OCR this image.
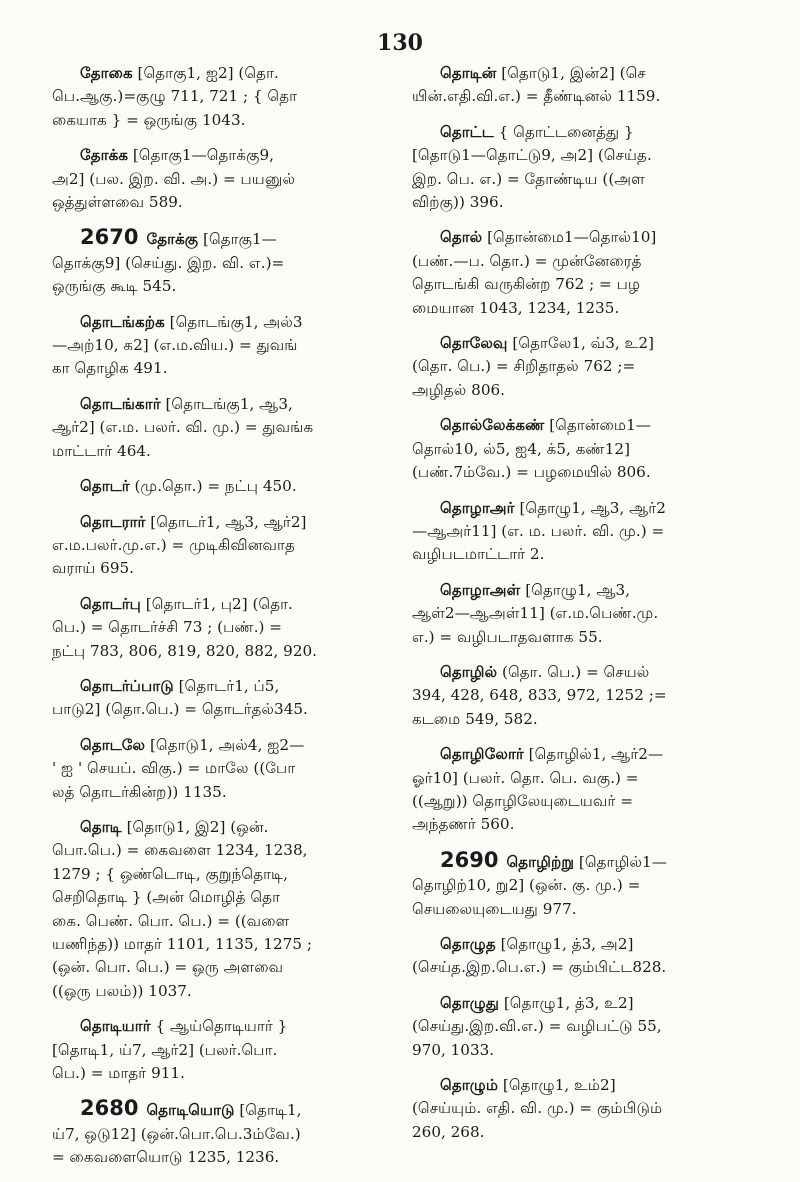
130
தோகை [தொகு1, ஐ2] (தொ.
பெ.ஆகு.)=குழு 711, 721 ; { தொ
கையாக } = ஒருங்கு 1043.
தோக்க [தொகு1—தொக்கு9,
அ2] (பல. இற. வி. அ.) = பயனுல்
ஒத்துள்ளவை 589.
2670 தோக்கு [தொகு1—
தொக்கு9] (செய்து. இற. வி. எ.)=
ஒருங்கு கூடி 545.
தொடங்கற்க [தொடங்கு1, அல்3
—அற்10, க2] (எ.ம.விய.) = துவங்
கா தொழிக 491.
தொடங்கார் [தொடங்கு1, ஆ3,
ஆர்2] (எ.ம. பலர். வி. மு.) = துவங்க
மாட்டார் 464.
தொடர் (மு.தொ.) = நட்பு 450.
தொடரார் [தொடர்1, ஆ3, ஆர்2]
எ.ம.பலர்.மு.எ.) = முடிகிவினவாத
வராய் 695.
தொடர்பு [தொடர்1, பு2] (தொ.
பெ.) = தொடர்ச்சி 73 ; (பண்.) =
நட்பு 783, 806, 819, 820, 882, 920.
தொடர்ப்பாடு [தொடர்1, ப்5,
பாடு2] (தொ.பெ.) = தொடர்தல்345.
தொடலே [தொடு1, அல்4, ஐ2—
' ஐ ' செயப். விகு.) = மாலே ((போ
லத் தொடர்கின்ற)) 1135.
தொடி [தொடு1, இ2] (ஒன்.
பொ.பெ.) = கைவளை 1234, 1238,
1279 ; { ஒண்டொடி, குறுந்தொடி,
செறிதொடி } (அன் மொழித் தொ
கை. பெண். பொ. பெ.) = ((வளை
யணிந்த)) மாதர் 1101, 1135, 1275 ;
(ஒன். பொ. பெ.) = ஒரு அளவை
((ஒரு பலம்)) 1037.
தொடியார் { ஆய்தொடியார் }
[தொடி1, ய்7, ஆர்2] (பலர்.பொ.
பெ.) = மாதர் 911.
2680 தொடியொடு [தொடி1,
ய்7, ஒடு12] (ஒன்.பொ.பெ.3ம்வே.)
= கைவளையொடு 1235, 1236.
தொடின் [தொடு1, இன்2] (செ
யின்.எதி.வி.எ.) = தீண்டினல் 1159.
தொட்ட { தொட்டனைத்து }
[தொடு1—தொட்டு9, அ2] (செய்த.
இற. பெ. எ.) = தோண்டிய ((அள
விற்கு)) 396.
தொல் [தொன்மை1—தொல்10]
(பண்.—ப. தொ.) = முன்னேரைத்
தொடங்கி வருகின்ற 762 ; = பழ
மையான 1043, 1234, 1235.
தொலேவு [தொலே1, வ்3, உ2]
(தொ. பெ.) = சிறிதாதல் 762 ;=
அழிதல் 806.
தொல்லேக்கண் [தொன்மை1—
தொல்10, ல்5, ஐ4, க்5, கண்12]
(பண்.7ம்வே.) = பழமையில் 806.
தொழாஅர் [தொழு1, ஆ3, ஆர்2
—ஆஅர்11] (எ. ம. பலர். வி. மு.) =
வழிபடமாட்டார் 2.
தொழாஅள் [தொழு1, ஆ3,
ஆள்2—ஆஅள்11] (எ.ம.பெண்.மு.
எ.) = வழிபடாதவளாக 55.
தொழில் (தொ. பெ.) = செயல்
394, 428, 648, 833, 972, 1252 ;=
கடமை 549, 582.
தொழிலோர் [தொழில்1, ஆர்2—
ஓர்10] (பலர். தொ. பெ. வகு.) =
((ஆறு)) தொழிலேயுடையவர் =
அந்தணர் 560.
2690 தொழிற்று [தொழில்1—
தொழிற்10, று2] (ஒன். கு. மு.) =
செயலையுடையது 977.
தொழுத [தொழு1, த்3, அ2]
(செய்த.இற.பெ.எ.) = கும்பிட்ட828.
தொழுது [தொழு1, த்3, உ2]
(செய்து.இற.வி.எ.) = வழிபட்டு 55,
970, 1033.
தொழும் [தொழு1, உம்2]
(செய்யும். எதி. வி. மு.) = கும்பிடும்
260, 268.
